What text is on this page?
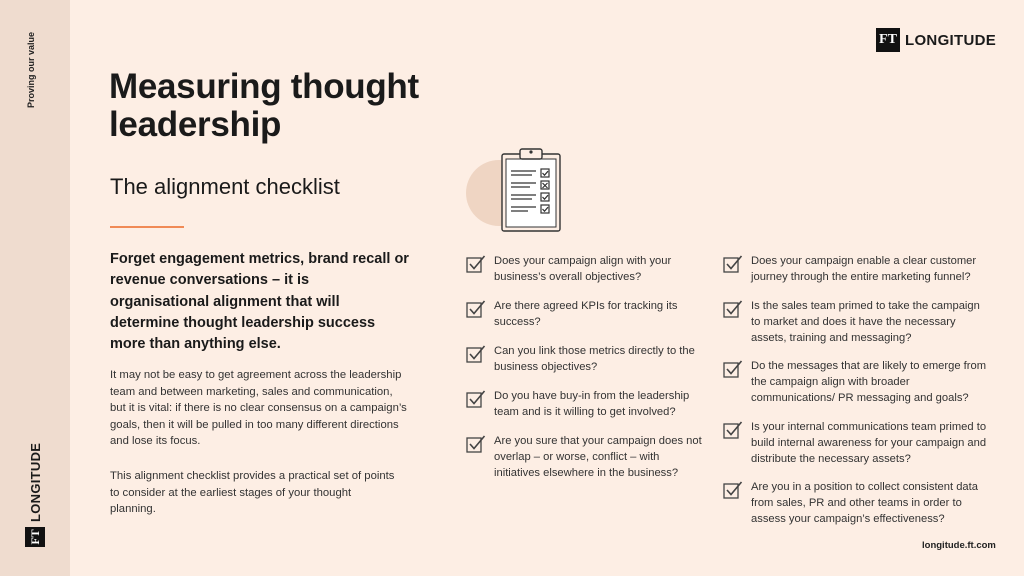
Proving our value
FT
LONGITUDE
FT LONGITUDE
Measuring thought leadership
The alignment checklist

Forget engagement metrics, brand recall or revenue conversations – it is organisational alignment that will determine thought leadership success more than anything else.

It may not be easy to get agreement across the leadership team and between marketing, sales and communication, but it is vital: if there is no clear consensus on a campaign’s goals, then it will be pulled in too many different directions and lose its focus.

This alignment checklist provides a practical set of points to consider at the earliest stages of your thought planning.

Does your campaign align with your business’s overall objectives?
Are there agreed KPIs for tracking its success?
Can you link those metrics directly to the business objectives?
Do you have buy-in from the leadership team and is it willing to get involved?
Are you sure that your campaign does not overlap – or worse, conflict – with initiatives elsewhere in the business?
Does your campaign enable a clear customer journey through the entire marketing funnel?
Is the sales team primed to take the campaign to market and does it have the necessary assets, training and messaging?
Do the messages that are likely to emerge from the campaign align with broader communications/ PR messaging and goals?
Is your internal communications team primed to build internal awareness for your campaign and distribute the necessary assets?
Are you in a position to collect consistent data from sales, PR and other teams in order to assess your campaign’s effectiveness?
longitude.ft.com
